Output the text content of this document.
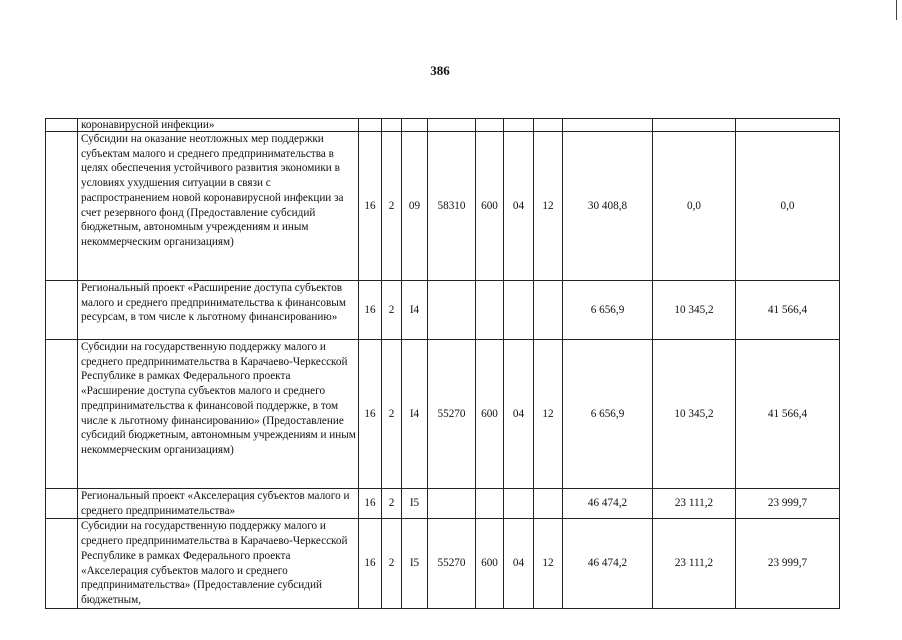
386
	коронавирусной инфекции»										
	Субсидии на оказание неотложных мер поддержки субъектам малого и среднего предпринимательства в целях обеспечения устойчивого развития экономики в условиях ухудшения ситуации в связи с распространением новой коронавирусной инфекции за счет резервного фонд (Предоставление субсидий бюджетным, автономным учреждениям и иным некоммерческим организациям)	16	2	09	58310	600	04	12	30 408,8	0,0	0,0
	Региональный проект «Расширение доступа субъектов малого и среднего предпринимательства к финансовым ресурсам, в том числе к льготному финансированию»	16	2	I4					6 656,9	10 345,2	41 566,4
	Субсидии на государственную поддержку малого и среднего предпринимательства в Карачаево-Черкесской Республике в рамках Федерального проекта «Расширение доступа субъектов малого и среднего предпринимательства к финансовой поддержке, в том числе к льготному финансированию» (Предоставление субсидий бюджетным, автономным учреждениям и иным некоммерческим организациям)	16	2	I4	55270	600	04	12	6 656,9	10 345,2	41 566,4
	Региональный проект «Акселерация субъектов малого и среднего предпринимательства»	16	2	I5					46 474,2	23 111,2	23 999,7
	Субсидии на государственную поддержку малого и среднего предпринимательства в Карачаево-Черкесской Республике в рамках Федерального проекта «Акселерация субъектов малого и среднего предпринимательства» (Предоставление субсидий бюджетным,	16	2	I5	55270	600	04	12	46 474,2	23 111,2	23 999,7
